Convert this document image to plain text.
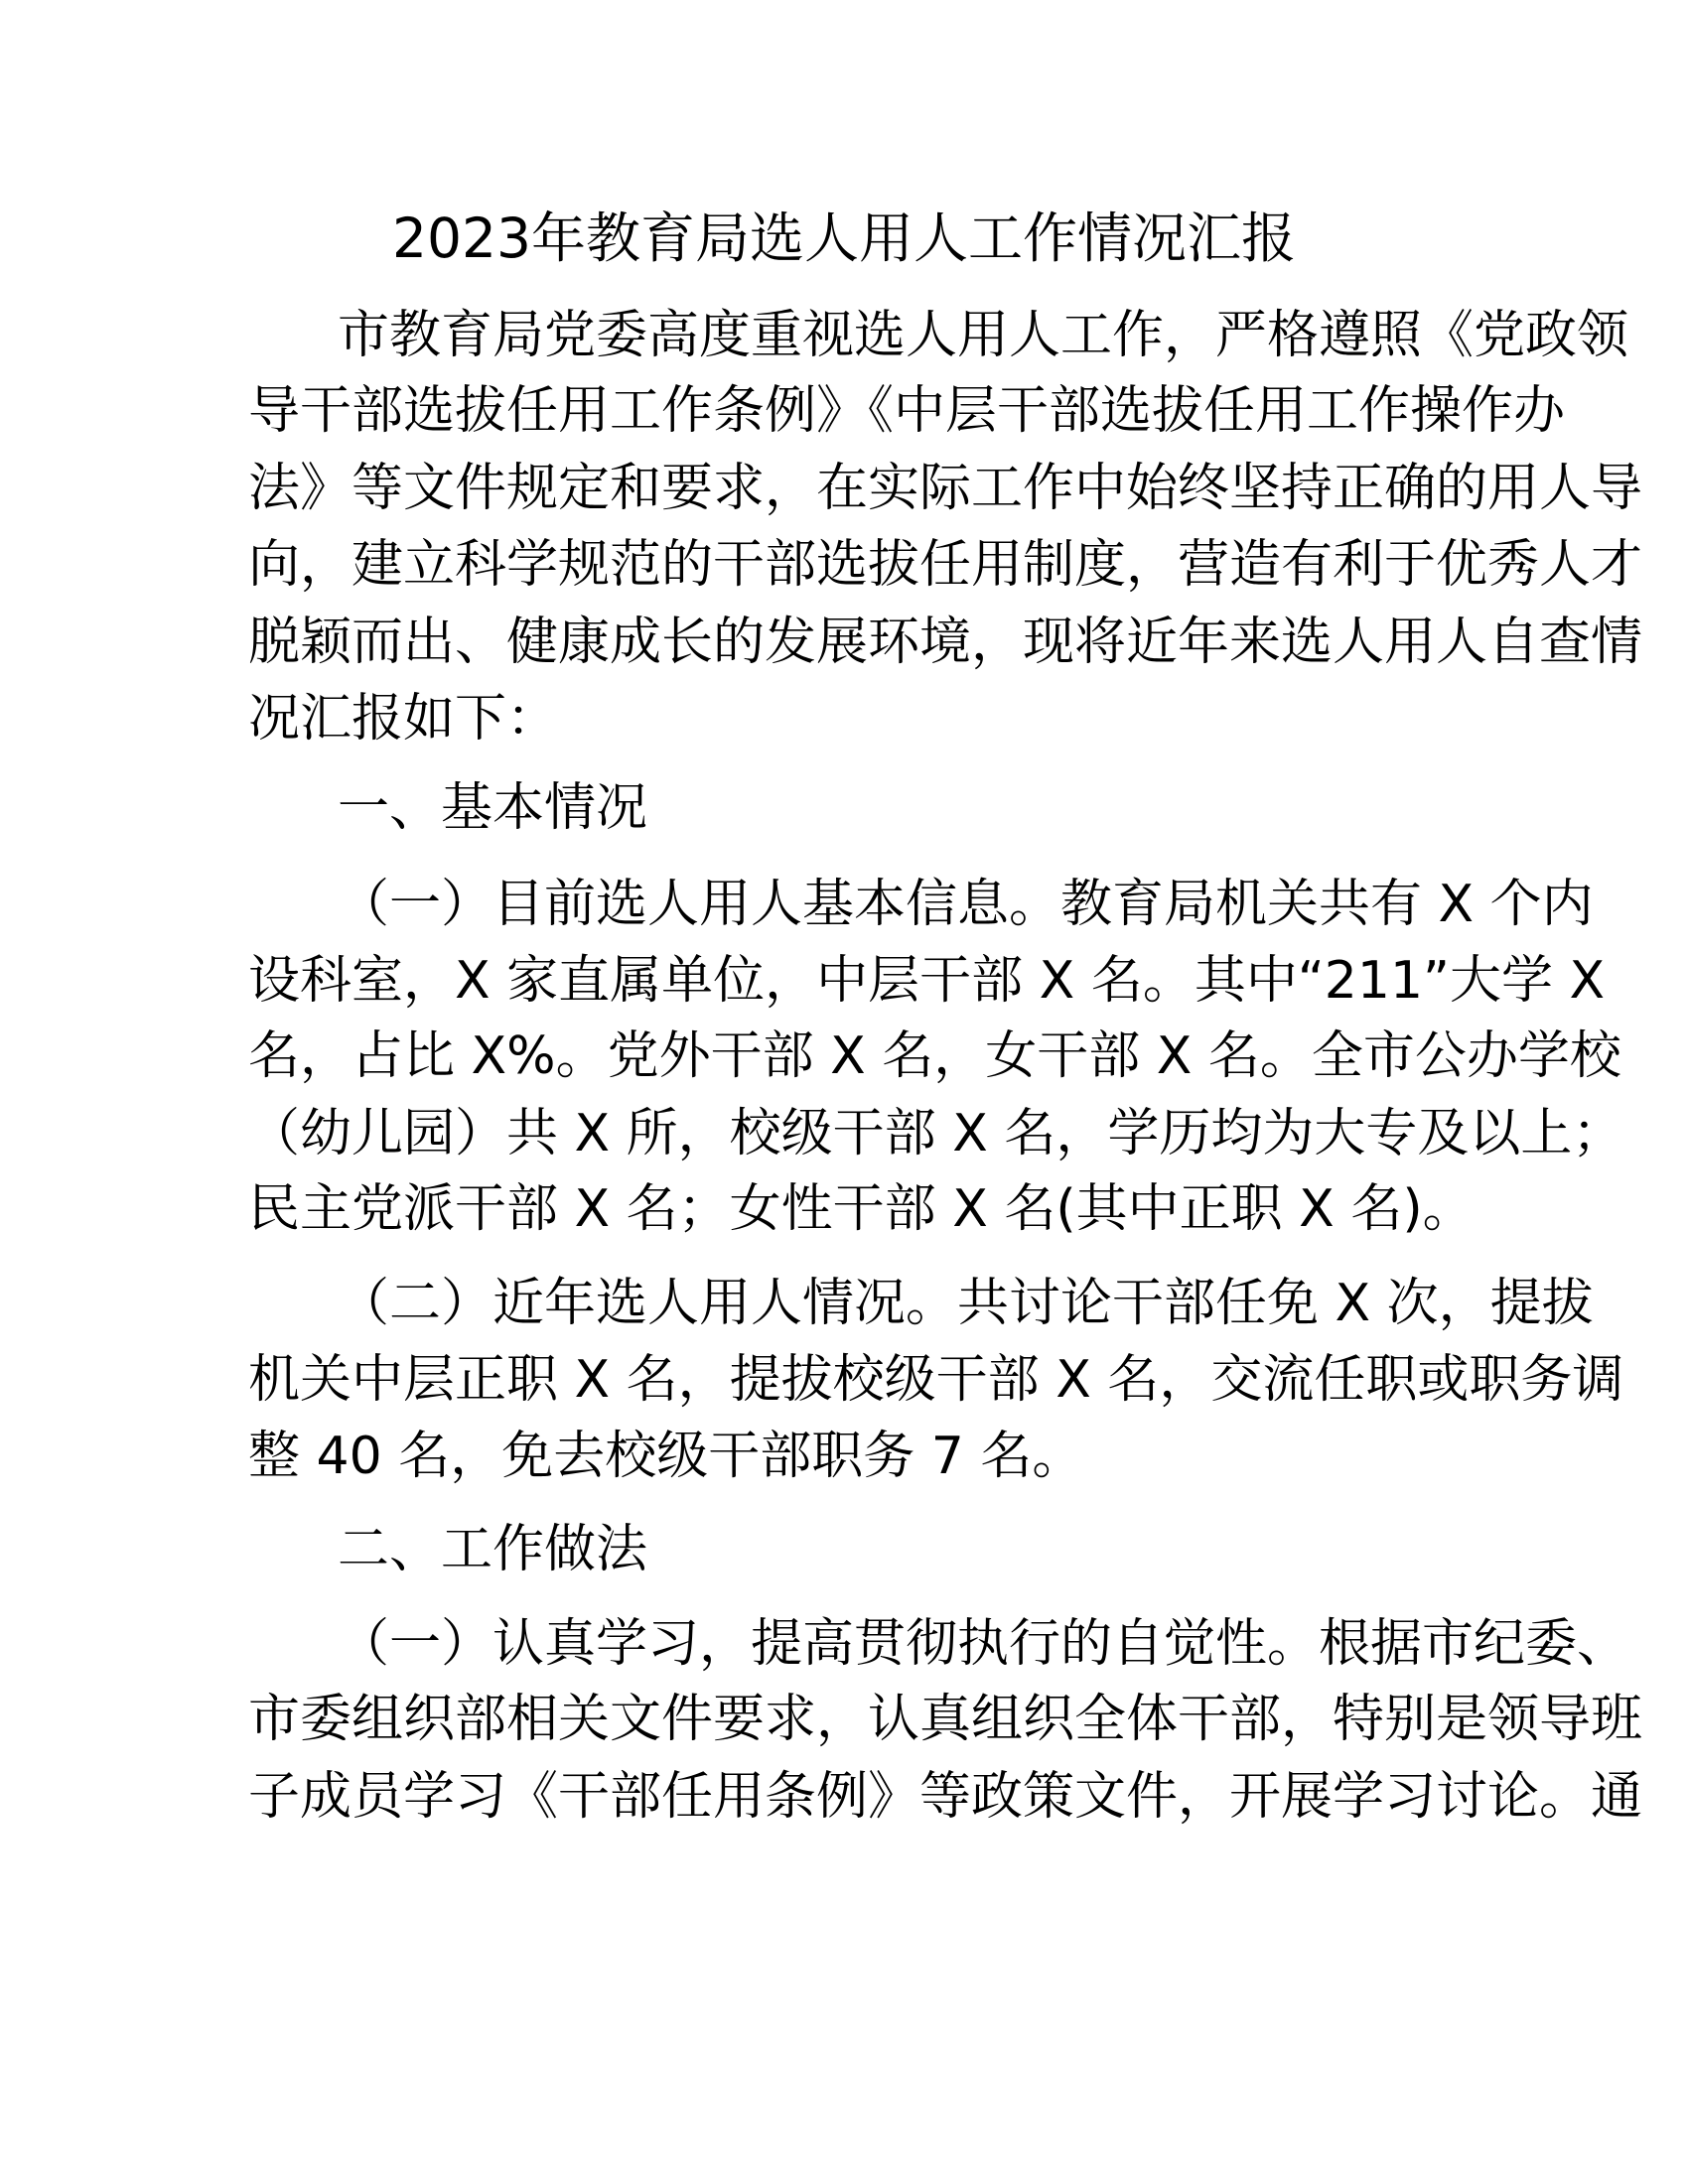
2023年教育局选人用人工作情况汇报
市教育局党委高度重视选人用人工作，严格遵照《党政领
导干部选拔任用工作条例》《中层干部选拔任用工作操作办
法》等文件规定和要求，在实际工作中始终坚持正确的用人导
向，建立科学规范的干部选拔任用制度，营造有利于优秀人才
脱颖而出、健康成长的发展环境，现将近年来选人用人自查情
况汇报如下：
一、基本情况
（一）目前选人用人基本信息。教育局机关共有 X 个内
设科室，X 家直属单位，中层干部 X 名。其中“211”大学 X
名，占比 X%。党外干部 X 名，女干部 X 名。全市公办学校
（幼儿园）共 X 所，校级干部 X 名，学历均为大专及以上；
民主党派干部 X 名；女性干部 X 名(其中正职 X 名)。
（二）近年选人用人情况。共讨论干部任免 X 次，提拔
机关中层正职 X 名，提拔校级干部 X 名，交流任职或职务调
整 40 名，免去校级干部职务 7 名。
二、工作做法
（一）认真学习，提高贯彻执行的自觉性。根据市纪委、
市委组织部相关文件要求，认真组织全体干部，特别是领导班
子成员学习《干部任用条例》等政策文件，开展学习讨论。通
